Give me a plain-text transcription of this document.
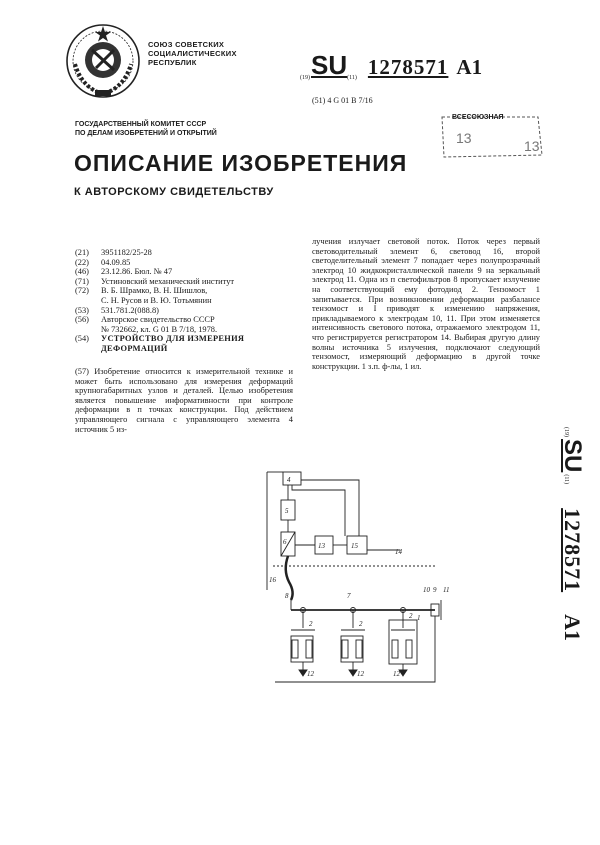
СОЮЗ СОВЕТСКИХ
СОЦИАЛИСТИЧЕСКИХ
РЕСПУБЛИК
(19)SU(11) 1278571 A1
(51) 4 G 01 B 7/16
13	13
ВСЕСОЮЗНАЯ
ГОСУДАРСТВЕННЫЙ КОМИТЕТ СССР
ПО ДЕЛАМ ИЗОБРЕТЕНИЙ И ОТКРЫТИЙ
ОПИСАНИЕ ИЗОБРЕТЕНИЯ
К АВТОРСКОМУ СВИДЕТЕЛЬСТВУ
(21)	3951182/25-28
(22)	04.09.85
(46)	23.12.86. Бюл. № 47
(71)	Устиновский механический институт
(72)	В. Б. Шрамко, В. Н. Шишлов,
С. Н. Русов и В. Ю. Тотьмянин
(53)	531.781.2(088.8)
(56)	Авторское свидетельство СССР
№ 732662, кл. G 01 B 7/18, 1978.
(54)	УСТРОЙСТВО ДЛЯ ИЗМЕРЕНИЯ
ДЕФОРМАЦИЙ
(57) Изобретение относится к измерительной технике и может быть использовано для измерения деформаций крупногабаритных узлов и деталей. Целью изобретения является повышение информативности при контроле деформации в п точках конструкции. Под действием управляющего сигнала с управляющего элемента 4 источник 5 из-
лучения излучает световой поток. Поток через первый световодительный элемент 6, световод 16, второй светоделительный элемент 7 попадает через полупрозрачный электрод 10 жидкокристаллической панели 9 на зеркальный электрод 11. Одна из п светофильтров 8 пропускает излучение на соответствующий ему фотодиод 2. Тензомост 1 запитывается. При возникновении деформации разбалансе тензомост и I приводят к изменению напряжения, прикладываемого к электродам 10, 11. При этом изменяется интенсивность светового потока, отражаемого электродом 11, что регистрируется регистратором 14. Выбирая другую длину волны источника 5 излучения, подключают следующий тензомост, измеряющий деформацию в другой точке конструкции. 1 з.п. ф-лы, 1 ил.
(19)SU(11)1278571A1
4
5
6	13	15
14
16
8	7
2	2
2
12	12	12
10 9 11
1
